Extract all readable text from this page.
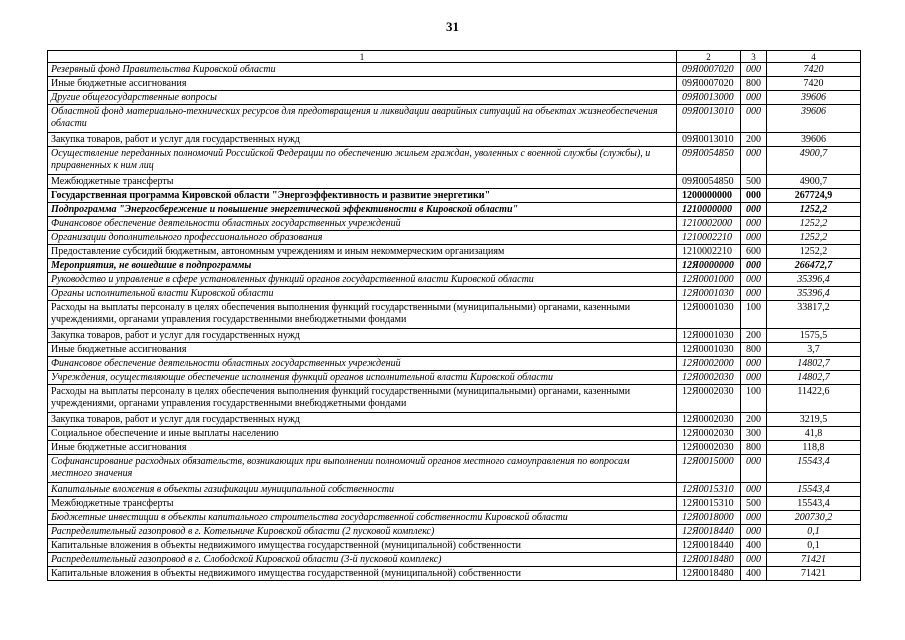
31
1	2	3	4
Резервный фонд Правительства Кировской области	09Я0007020	000	7420
Иные бюджетные ассигнования	09Я0007020	800	7420
Другие общегосударственные вопросы	09Я0013000	000	39606
Областной фонд материально-технических ресурсов для предотвращения и ликвидации аварийных ситуаций на объектах жизнеобеспечения области	09Я0013010	000	39606
Закупка товаров, работ и услуг для государственных нужд	09Я0013010	200	39606
Осуществление переданных полномочий Российской Федерации по обеспечению жильем граждан, уволенных с военной службы (службы), и приравненных к ним лиц	09Я0054850	000	4900,7
Межбюджетные трансферты	09Я0054850	500	4900,7
Государственная программа Кировской области "Энергоэффективность и развитие энергетики"	1200000000	000	267724,9
Подпрограмма "Энергосбережение и повышение энергетической эффективности в Кировской области"	1210000000	000	1252,2
Финансовое обеспечение деятельности областных государственных учреждений	1210002000	000	1252,2
Организации дополнительного профессионального образования	1210002210	000	1252,2
Предоставление субсидий бюджетным, автономным учреждениям и иным некоммерческим организациям	1210002210	600	1252,2
Мероприятия, не вошедшие в подпрограммы	12Я0000000	000	266472,7
Руководство и управление в сфере установленных функций органов государственной власти Кировской области	12Я0001000	000	35396,4
Органы исполнительной власти Кировской области	12Я0001030	000	35396,4
Расходы на выплаты персоналу в целях обеспечения выполнения функций государственными (муниципальными) органами, казенными учреждениями, органами управления государственными внебюджетными фондами	12Я0001030	100	33817,2
Закупка товаров, работ и услуг для государственных нужд	12Я0001030	200	1575,5
Иные бюджетные ассигнования	12Я0001030	800	3,7
Финансовое обеспечение деятельности областных государственных учреждений	12Я0002000	000	14802,7
Учреждения, осуществляющие обеспечение исполнения функций органов исполнительной власти Кировской области	12Я0002030	000	14802,7
Расходы на выплаты персоналу в целях обеспечения выполнения функций государственными (муниципальными) органами, казенными учреждениями, органами управления государственными внебюджетными фондами	12Я0002030	100	11422,6
Закупка товаров, работ и услуг для государственных нужд	12Я0002030	200	3219,5
Социальное обеспечение и иные выплаты населению	12Я0002030	300	41,8
Иные бюджетные ассигнования	12Я0002030	800	118,8
Софинансирование расходных обязательств, возникающих при выполнении полномочий органов местного самоуправления по вопросам местного значения	12Я0015000	000	15543,4
Капитальные вложения в объекты газификации муниципальной собственности	12Я0015310	000	15543,4
Межбюджетные трансферты	12Я0015310	500	15543,4
Бюджетные инвестиции в объекты капитального строительства государственной собственности Кировской области	12Я0018000	000	200730,2
Распределительный газопровод в г. Котельниче Кировской области (2 пусковой комплекс)	12Я0018440	000	0,1
Капитальные вложения в объекты недвижимого имущества государственной (муниципальной) собственности	12Я0018440	400	0,1
Распределительный газопровод в г. Слободской Кировской области (3-й пусковой комплекс)	12Я0018480	000	71421
Капитальные вложения в объекты недвижимого имущества государственной (муниципальной) собственности	12Я0018480	400	71421
